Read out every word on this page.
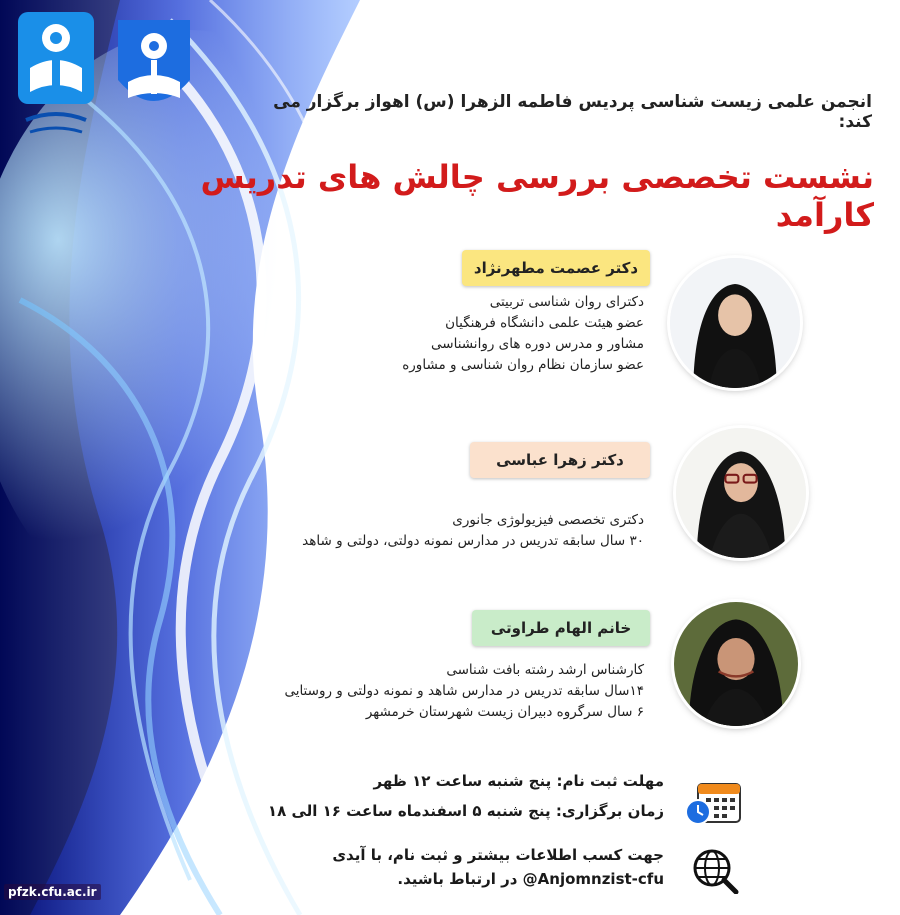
انجمن علمی زیست شناسی پردیس فاطمه الزهرا (س) اهواز برگزار می کند:
نشست تخصصی بررسی چالش های تدریس کارآمد
دکتر عصمت مطهرنژاد
دکترای روان شناسی تربیتی
عضو هیئت علمی دانشگاه فرهنگیان
مشاور و مدرس دوره های روانشناسی
عضو سازمان نظام روان شناسی و مشاوره
دکتر زهرا عباسی
دکتری تخصصی فیزیولوژی جانوری
۳۰ سال سابقه تدریس در مدارس نمونه دولتی، دولتی و شاهد
خانم الهام طراوتی
کارشناس ارشد رشته بافت شناسی
۱۴سال سابقه تدریس در مدارس شاهد و نمونه دولتی و روستایی
۶ سال سرگروه دبیران زیست شهرستان خرمشهر
مهلت ثبت نام: پنج شنبه ساعت ۱۲ ظهر
زمان برگزاری: پنج شنبه ۵ اسفندماه ساعت ۱۶ الی ۱۸
جهت کسب اطلاعات بیشتر و ثبت نام، با آیدی
@Anjomnzist-cfu در ارتباط باشید.
pfzk.cfu.ac.ir
